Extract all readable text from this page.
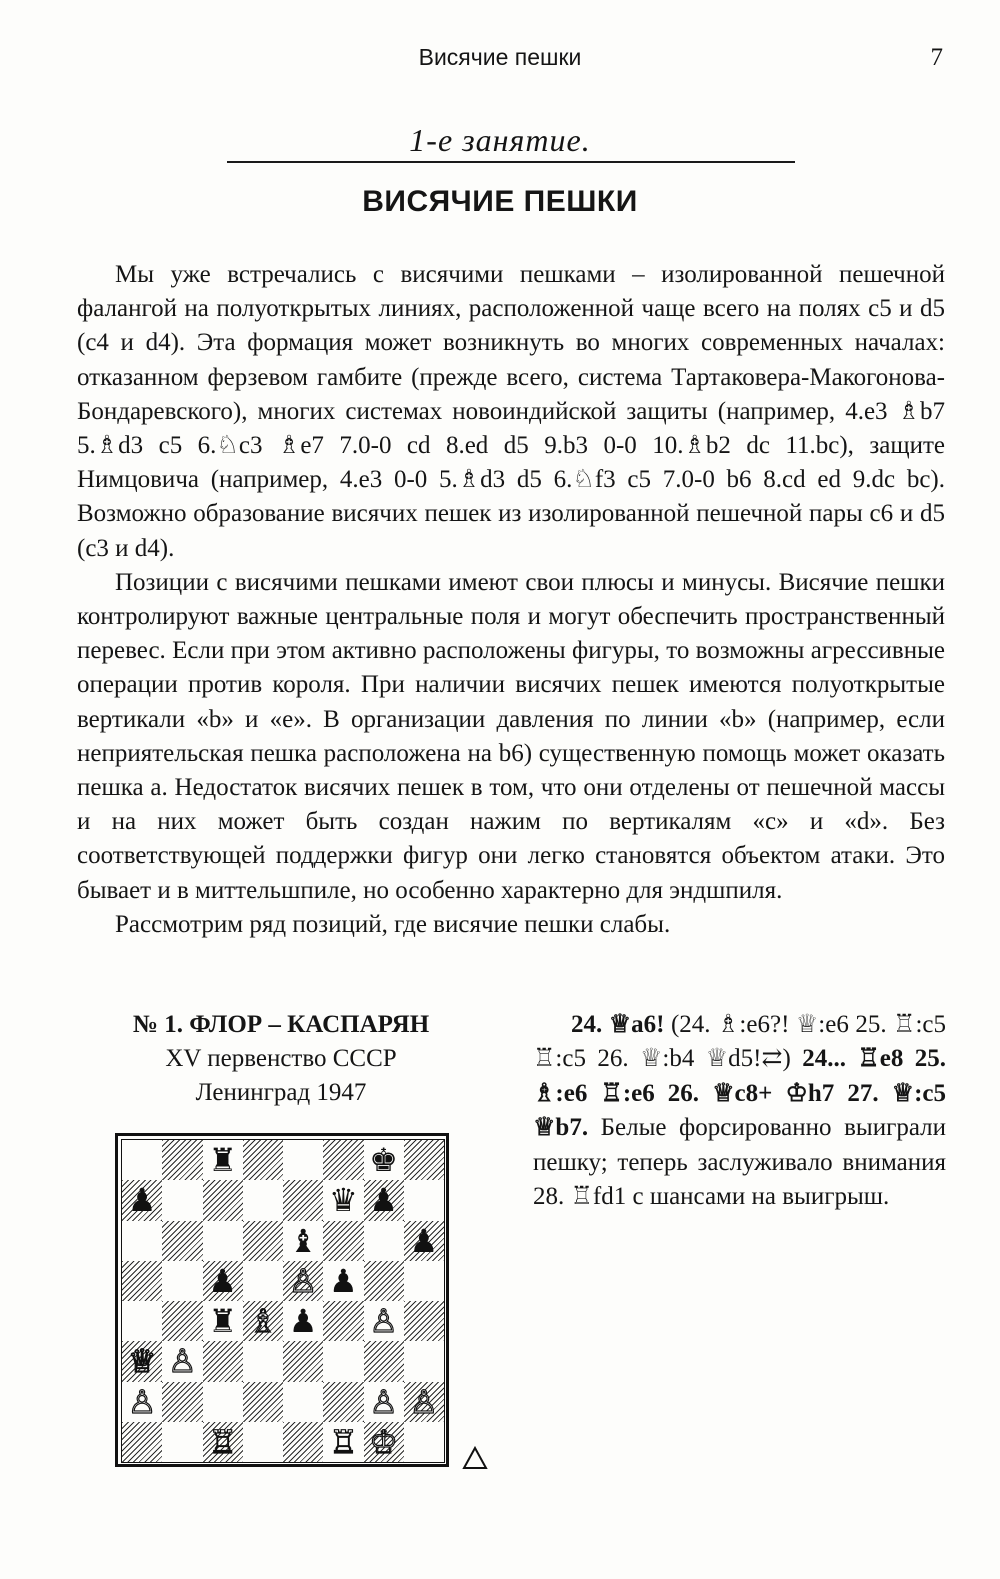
Висячие пешки	7
1-е занятие.
ВИСЯЧИЕ ПЕШКИ

Мы уже встречались с висячими пешками – изолированной пешечной фалангой на полуоткрытых линиях, расположенной чаще всего на полях c5 и d5 (c4 и d4). Эта формация может возникнуть во многих современных началах: отказанном ферзевом гамбите (прежде всего, система Тартаковера-Макогонова-Бондаревского), многих системах новоиндийской защиты (например, 4.e3 ♗b7 5.♗d3 c5 6.♘c3 ♗e7 7.0-0 cd 8.ed d5 9.b3 0-0 10.♗b2 dc 11.bc), защите Нимцовича (например, 4.e3 0-0 5.♗d3 d5 6.♘f3 c5 7.0-0 b6 8.cd ed 9.dc bc). Возможно образование висячих пешек из изолированной пешечной пары c6 и d5 (c3 и d4).

Позиции с висячими пешками имеют свои плюсы и минусы. Висячие пешки контролируют важные центральные поля и могут обеспечить пространственный перевес. Если при этом активно расположены фигуры, то возможны агрессивные операции против короля. При наличии висячих пешек имеются полуоткрытые вертикали «b» и «e». В организации давления по линии «b» (например, если неприятельская пешка расположена на b6) существенную помощь может оказать пешка a. Недостаток висячих пешек в том, что они отделены от пешечной массы и на них может быть создан нажим по вертикалям «c» и «d». Без соответствующей поддержки фигур они легко становятся объектом атаки. Это бывает и в миттельшпиле, но особенно характерно для эндшпиля.

Рассмотрим ряд позиций, где висячие пешки слабы.

№ 1. ФЛОР – КАСПАРЯН
XV первенство СССР
Ленинград 1947
♜	♚
♟	♛ ♟
♝	♟
♟ ♙ ♟
♜ ♗ ♟ ♙
♕ ♙
♙	♙ ♙
♖	♖ ♔
24. ♕a6! (24. ♗:e6?! ♕:e6 25. ♖:c5 ♖:c5 26. ♕:b4 ♕d5!⇄) 24... ♖e8 25. ♗:e6 ♖:e6 26. ♕c8+ ♔h7 27. ♕:c5 ♕b7. Белые форсированно выиграли пешку; теперь заслуживало внимания 28. ♖fd1 с шансами на выигрыш.
